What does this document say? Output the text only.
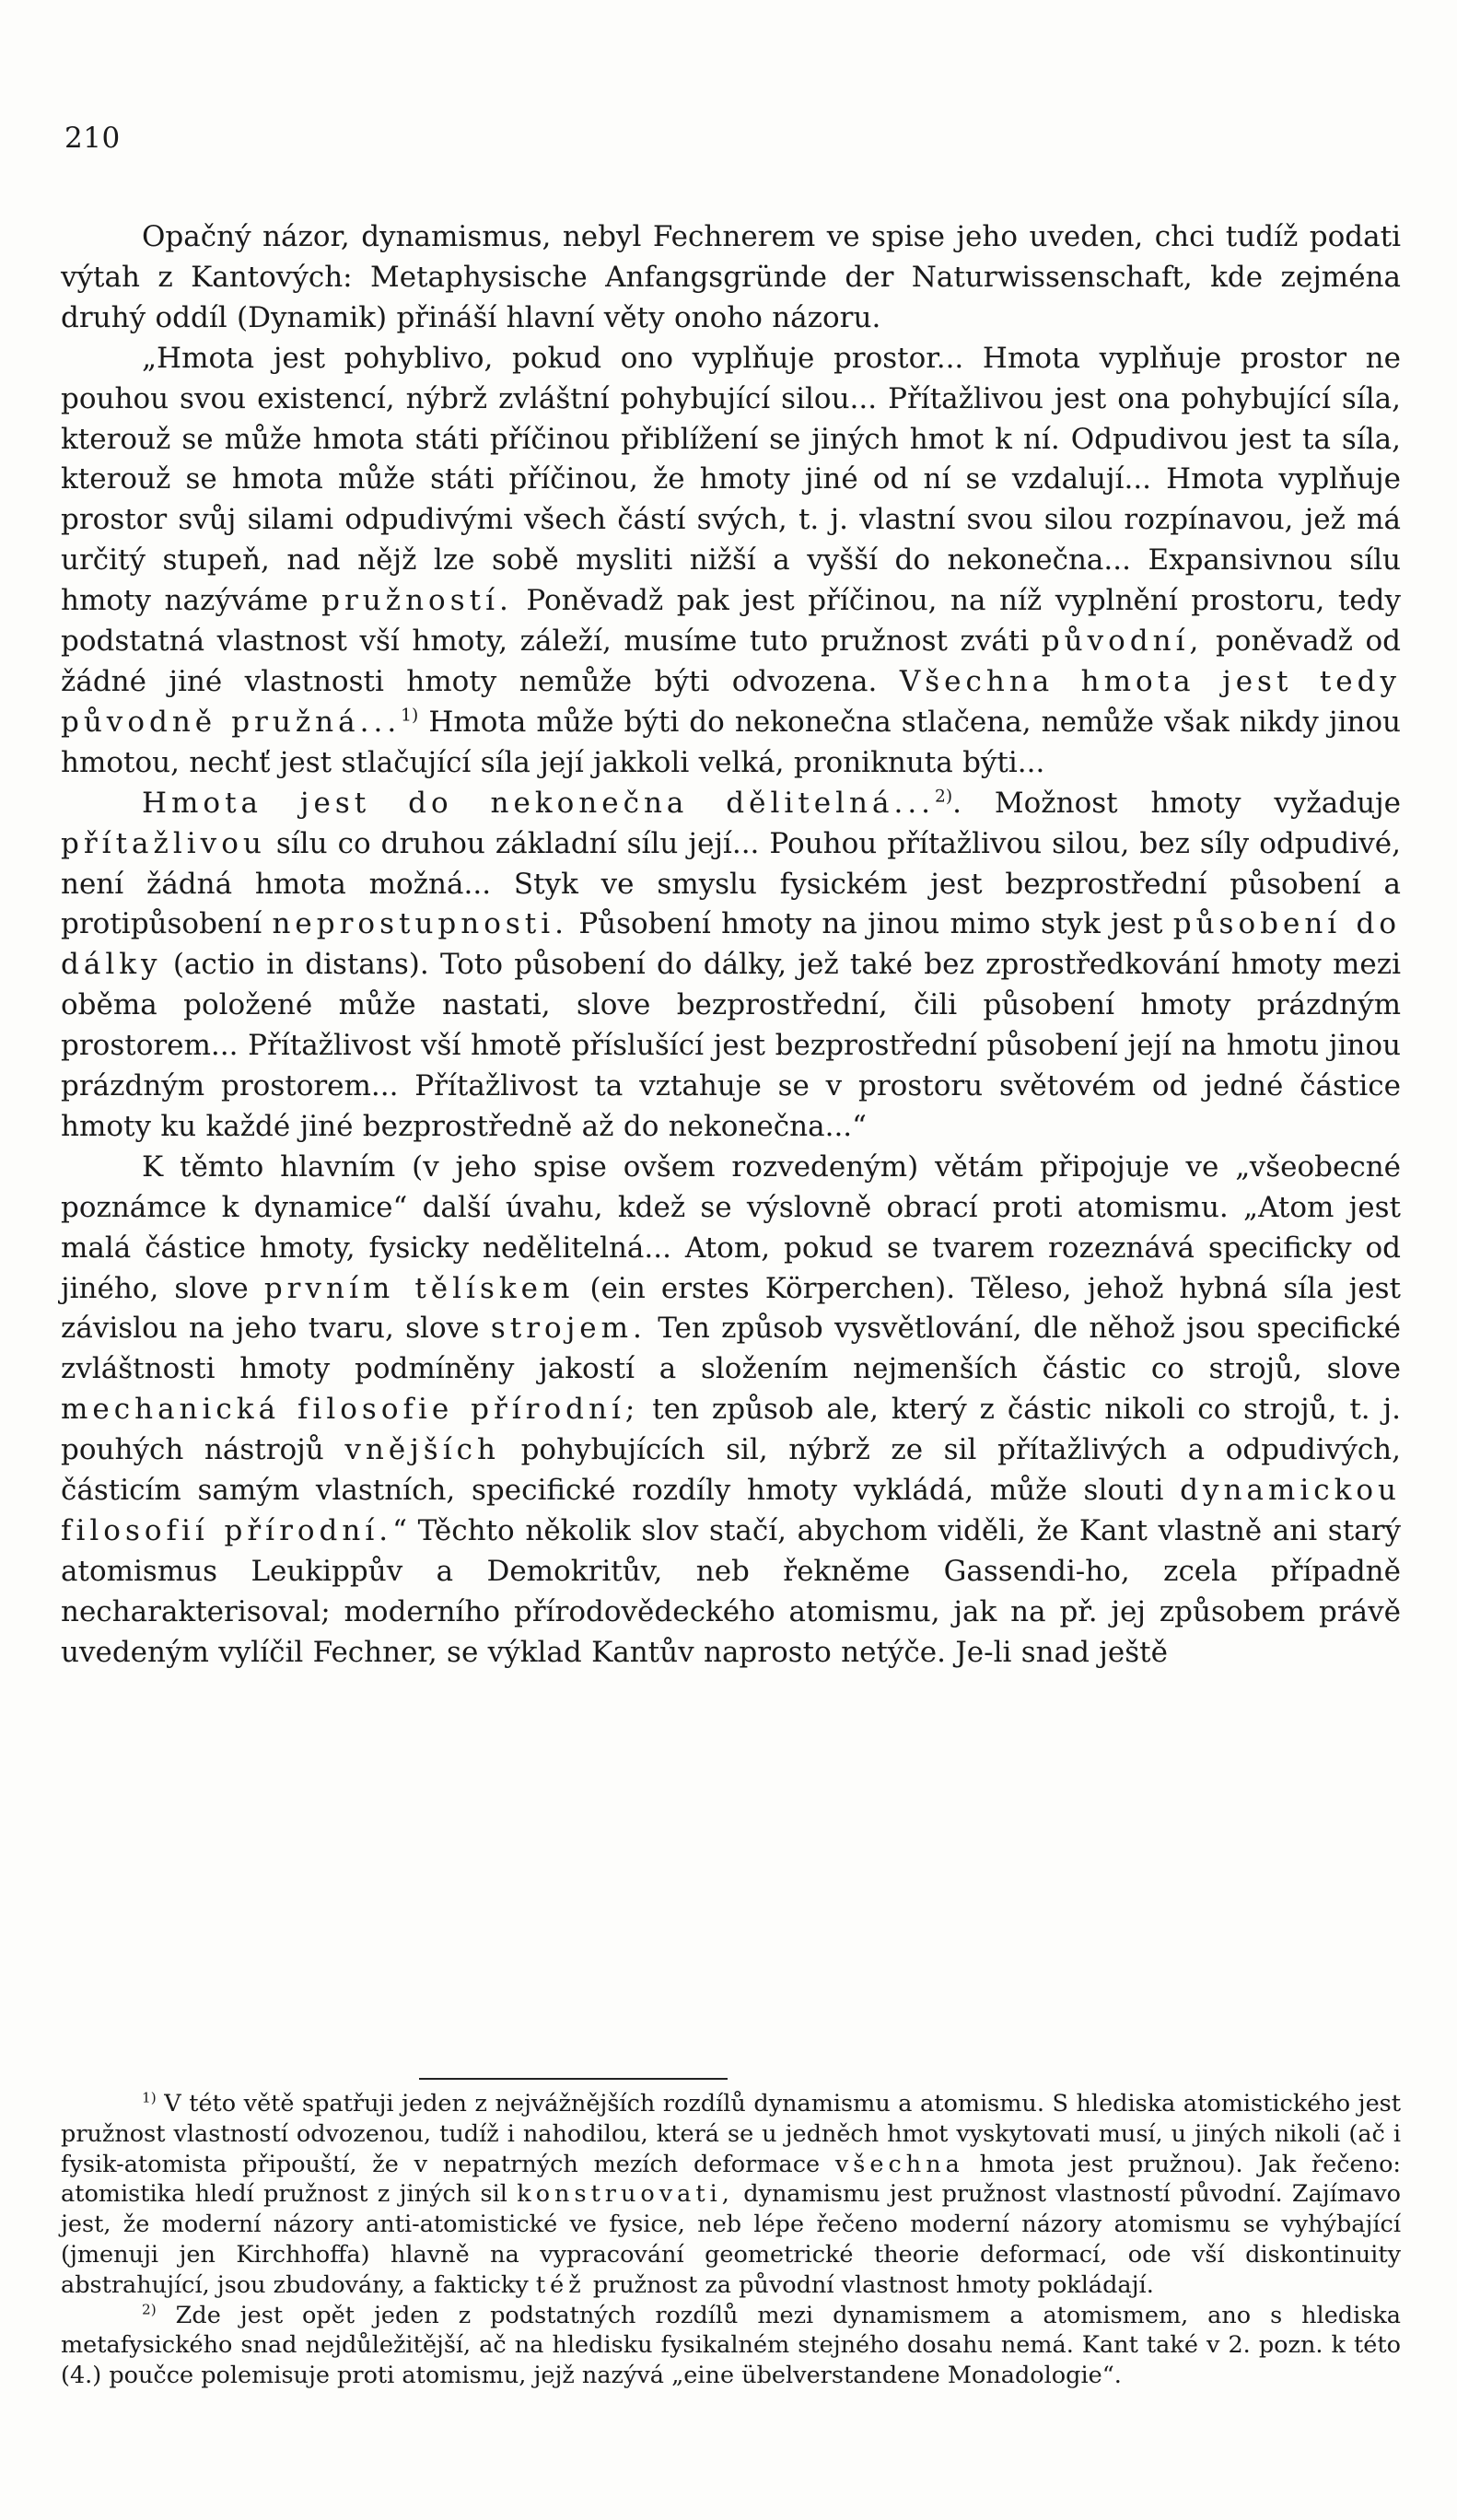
210

Opačný názor, dynamismus, nebyl Fechnerem ve spise jeho uveden, chci tudíž podati výtah z Kantových: Metaphysische Anfangsgründe der Naturwissenschaft, kde zejména druhý oddíl (Dynamik) přináší hlavní věty onoho názoru.

„Hmota jest pohyblivo, pokud ono vyplňuje prostor... Hmota vyplňuje prostor ne pouhou svou existencí, nýbrž zvláštní pohybující silou... Přítažlivou jest ona pohybující síla, kterouž se může hmota státi příčinou přiblížení se jiných hmot k ní. Odpudivou jest ta síla, kterouž se hmota může státi příčinou, že hmoty jiné od ní se vzdalují... Hmota vyplňuje prostor svůj silami odpudivými všech částí svých, t. j. vlastní svou silou rozpínavou, jež má určitý stupeň, nad nějž lze sobě mysliti nižší a vyšší do nekonečna... Expansivnou sílu hmoty nazýváme pružností. Poněvadž pak jest příčinou, na níž vyplnění prostoru, tedy podstatná vlastnost vší hmoty, záleží, musíme tuto pružnost zváti původní, poněvadž od žádné jiné vlastnosti hmoty nemůže býti odvozena. Všechna hmota jest tedy původně pružná...$^{1)}$ Hmota může býti do nekonečna stlačena, nemůže však nikdy jinou hmotou, nechť jest stlačující síla její jakkoli velká, proniknuta býti...

Hmota jest do nekonečna dělitelná...$^{2)}$. Možnost hmoty vyžaduje přítažlivou sílu co druhou základní sílu její... Pouhou přítažlivou silou, bez síly odpudivé, není žádná hmota možná... Styk ve smyslu fysickém jest bezprostřední působení a protipůsobení neprostupnosti. Působení hmoty na jinou mimo styk jest působení do dálky (actio in distans). Toto působení do dálky, jež také bez zprostředkování hmoty mezi oběma položené může nastati, slove bezprostřední, čili působení hmoty prázdným prostorem... Přítažlivost vší hmotě příslušící jest bezprostřední působení její na hmotu jinou prázdným prostorem... Přítažlivost ta vztahuje se v prostoru světovém od jedné částice hmoty ku každé jiné bezprostředně až do nekonečna...“

K těmto hlavním (v jeho spise ovšem rozvedeným) větám připojuje ve „všeobecné poznámce k dynamice“ další úvahu, kdež se výslovně obrací proti atomismu. „Atom jest malá částice hmoty, fysicky nedělitelná... Atom, pokud se tvarem rozeznává specificky od jiného, slove prvním tělískem (ein erstes Körperchen). Těleso, jehož hybná síla jest závislou na jeho tvaru, slove strojem. Ten způsob vysvětlování, dle něhož jsou specifické zvláštnosti hmoty podmíněny jakostí a složením nejmenších částic co strojů, slove mechanická filosofie přírodní; ten způsob ale, který z částic nikoli co strojů, t. j. pouhých nástrojů vnějších pohybujících sil, nýbrž ze sil přítažlivých a odpudivých, částicím samým vlastních, specifické rozdíly hmoty vykládá, může slouti dynamickou filosofií přírodní.“ Těchto několik slov stačí, abychom viděli, že Kant vlastně ani starý atomismus Leukippův a Demokritův, neb řekněme Gassendi-ho, zcela případně necharakterisoval; moderního přírodovědeckého atomismu, jak na př. jej způsobem právě uvedeným vylíčil Fechner, se výklad Kantův naprosto netýče. Je-li snad ještě

$^{1)}$ V této větě spatřuji jeden z nejvážnějších rozdílů dynamismu a atomismu. S hlediska atomistického jest pružnost vlastností odvozenou, tudíž i nahodilou, která se u jedněch hmot vyskytovati musí, u jiných nikoli (ač i fysik-atomista připouští, že v nepatrných mezích deformace všechna hmota jest pružnou). Jak řečeno: atomistika hledí pružnost z jiných sil konstruovati, dynamismu jest pružnost vlastností původní. Zajímavo jest, že moderní názory anti-atomistické ve fysice, neb lépe řečeno moderní názory atomismu se vyhýbající (jmenuji jen Kirchhoffa) hlavně na vypracování geometrické theorie deformací, ode vší diskontinuity abstrahující, jsou zbudovány, a fakticky též pružnost za původní vlastnost hmoty pokládají.

$^{2)}$ Zde jest opět jeden z podstatných rozdílů mezi dynamismem a atomismem, ano s hlediska metafysického snad nejdůležitější, ač na hledisku fysikalném stejného dosahu nemá. Kant také v 2. pozn. k této (4.) poučce polemisuje proti atomismu, jejž nazývá „eine übelverstandene Monadologie“.
